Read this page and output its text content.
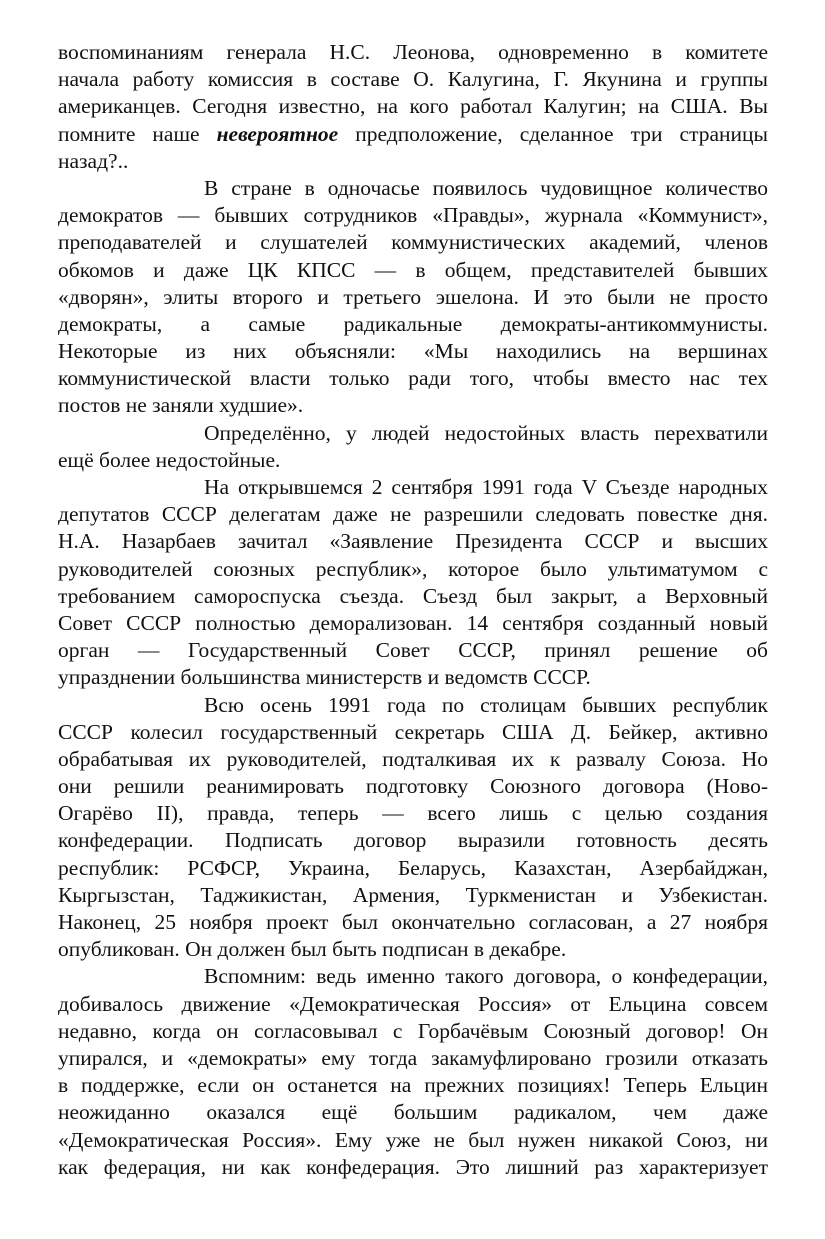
воспоминаниям генерала Н.С. Леонова, одновременно в комитете
начала работу комиссия в составе О. Калугина, Г. Якунина и группы
американцев. Сегодня известно, на кого работал Калугин; на США. Вы
помните наше невероятное предположение, сделанное три страницы
назад?..
В стране в одночасье появилось чудовищное количество
демократов — бывших сотрудников «Правды», журнала «Коммунист»,
преподавателей и слушателей коммунистических академий, членов
обкомов и даже ЦК КПСС — в общем, представителей бывших
«дворян», элиты второго и третьего эшелона. И это были не просто
демократы, а самые радикальные демократы-антикоммунисты.
Некоторые из них объясняли: «Мы находились на вершинах
коммунистической власти только ради того, чтобы вместо нас тех
постов не заняли худшие».
Определённо, у людей недостойных власть перехватили
ещё более недостойные.
На открывшемся 2 сентября 1991 года V Съезде народных
депутатов СССР делегатам даже не разрешили следовать повестке дня.
Н.А. Назарбаев зачитал «Заявление Президента СССР и высших
руководителей союзных республик», которое было ультиматумом с
требованием самороспуска съезда. Съезд был закрыт, а Верховный
Совет СССР полностью деморализован. 14 сентября созданный новый
орган — Государственный Совет СССР, принял решение об
упразднении большинства министерств и ведомств СССР.
Всю осень 1991 года по столицам бывших республик
СССР колесил государственный секретарь США Д. Бейкер, активно
обрабатывая их руководителей, подталкивая их к развалу Союза. Но
они решили реанимировать подготовку Союзного договора (Ново-
Огарёво II), правда, теперь — всего лишь с целью создания
конфедерации. Подписать договор выразили готовность десять
республик: РСФСР, Украина, Беларусь, Казахстан, Азербайджан,
Кыргызстан, Таджикистан, Армения, Туркменистан и Узбекистан.
Наконец, 25 ноября проект был окончательно согласован, а 27 ноября
опубликован. Он должен был быть подписан в декабре.
Вспомним: ведь именно такого договора, о конфедерации,
добивалось движение «Демократическая Россия» от Ельцина совсем
недавно, когда он согласовывал с Горбачёвым Союзный договор! Он
упирался, и «демократы» ему тогда закамуфлировано грозили отказать
в поддержке, если он останется на прежних позициях! Теперь Ельцин
неожиданно оказался ещё большим радикалом, чем даже
«Демократическая Россия». Ему уже не был нужен никакой Союз, ни
как федерация, ни как конфедерация. Это лишний раз характеризует
